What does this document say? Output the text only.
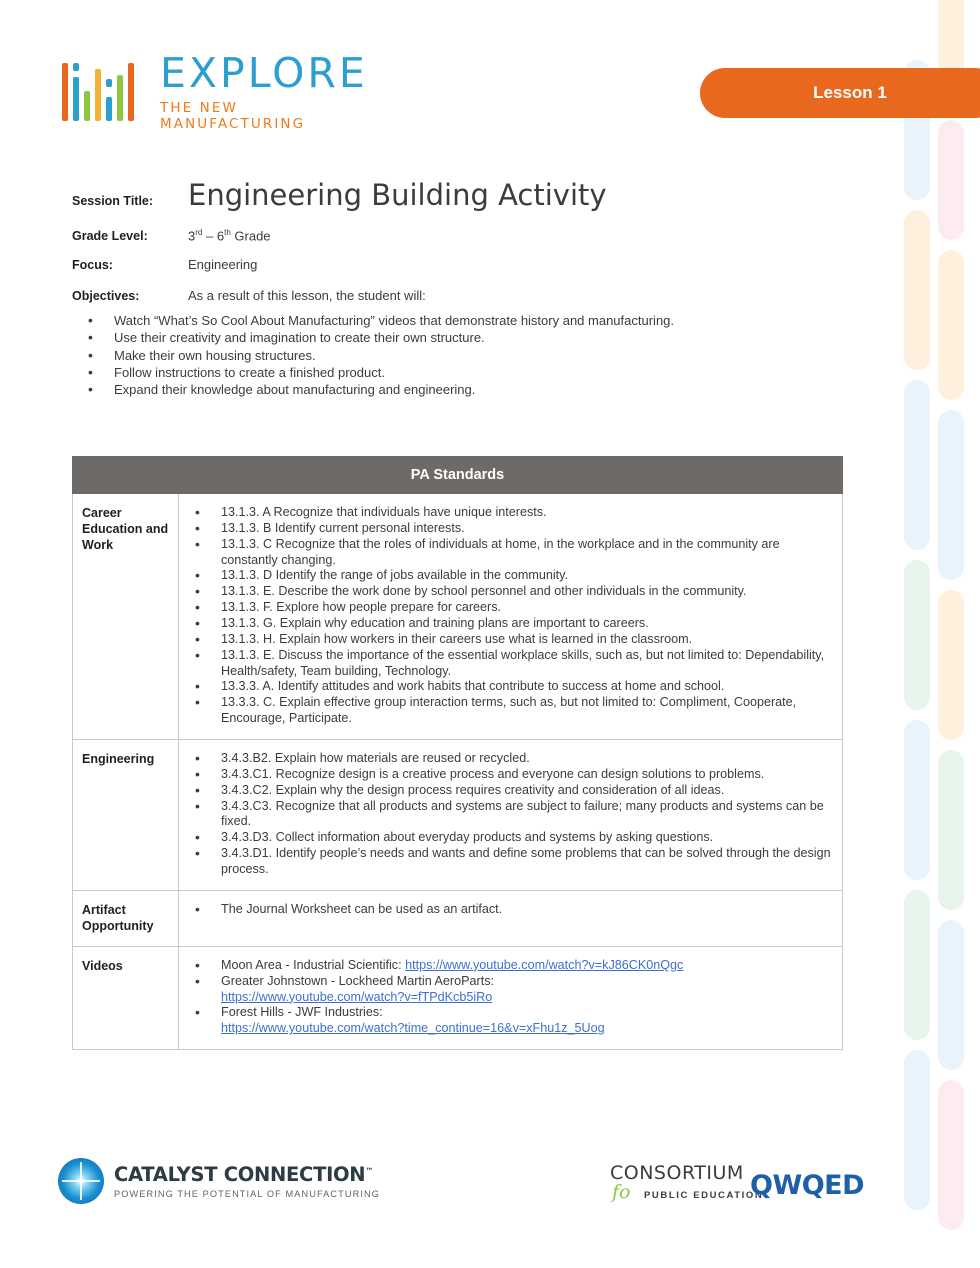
EXPLORE
THE NEW MANUFACTURING
Lesson 1
Session Title:	Engineering Building Activity
Grade Level:	3rd – 6th Grade
Focus:	Engineering
Objectives:	As a result of this lesson, the student will:
• Watch “What’s So Cool About Manufacturing” videos that demonstrate history and manufacturing.
• Use their creativity and imagination to create their own structure.
• Make their own housing structures.
• Follow instructions to create a finished product.
• Expand their knowledge about manufacturing and engineering.
PA Standards	
Career Education and Work	
• 13.1.3. A Recognize that individuals have unique interests.
• 13.1.3. B Identify current personal interests.
• 13.1.3. C Recognize that the roles of individuals at home, in the workplace and in the community are constantly changing.
• 13.1.3. D Identify the range of jobs available in the community.
• 13.1.3. E. Describe the work done by school personnel and other individuals in the community.
• 13.1.3. F. Explore how people prepare for careers.
• 13.1.3. G. Explain why education and training plans are important to careers.
• 13.1.3. H. Explain how workers in their careers use what is learned in the classroom.
• 13.1.3. E. Discuss the importance of the essential workplace skills, such as, but not limited to: Dependability, Health/safety, Team building, Technology.
• 13.3.3. A. Identify attitudes and work habits that contribute to success at home and school.
• 13.3.3. C. Explain effective group interaction terms, such as, but not limited to: Compliment, Cooperate, Encourage, Participate.

Engineering	
•3.4.3.B2. Explain how materials are reused or recycled.
• 3.4.3.C1. Recognize design is a creative process and everyone can design solutions to problems.
• 3.4.3.C2. Explain why the design process requires creativity and consideration of all ideas.
• 3.4.3.C3. Recognize that all products and systems are subject to failure; many products and systems can be fixed.
• 3.4.3.D3. Collect information about everyday products and systems by asking questions.
• 3.4.3.D1. Identify people’s needs and wants and define some problems that can be solved through the design process.

Artifact Opportunity	
• The Journal Worksheet can be used as an artifact.

Videos	
•Moon Area - Industrial Scientific: https://www.youtube.com/watch?v=kJ86CK0nQgc
• Greater Johnstown - Lockheed Martin AeroParts:
https://www.youtube.com/watch?v=fTPdKcb5iRo
• Forest Hills - JWF Industries:
https://www.youtube.com/watch?time_continue=16&v=xFhu1z_5Uog
CATALYST CONNECTION™
POWERING THE POTENTIAL OF MANUFACTURING
CONSORTIUM
fo	PUBLIC EDUCATION
QWQED
